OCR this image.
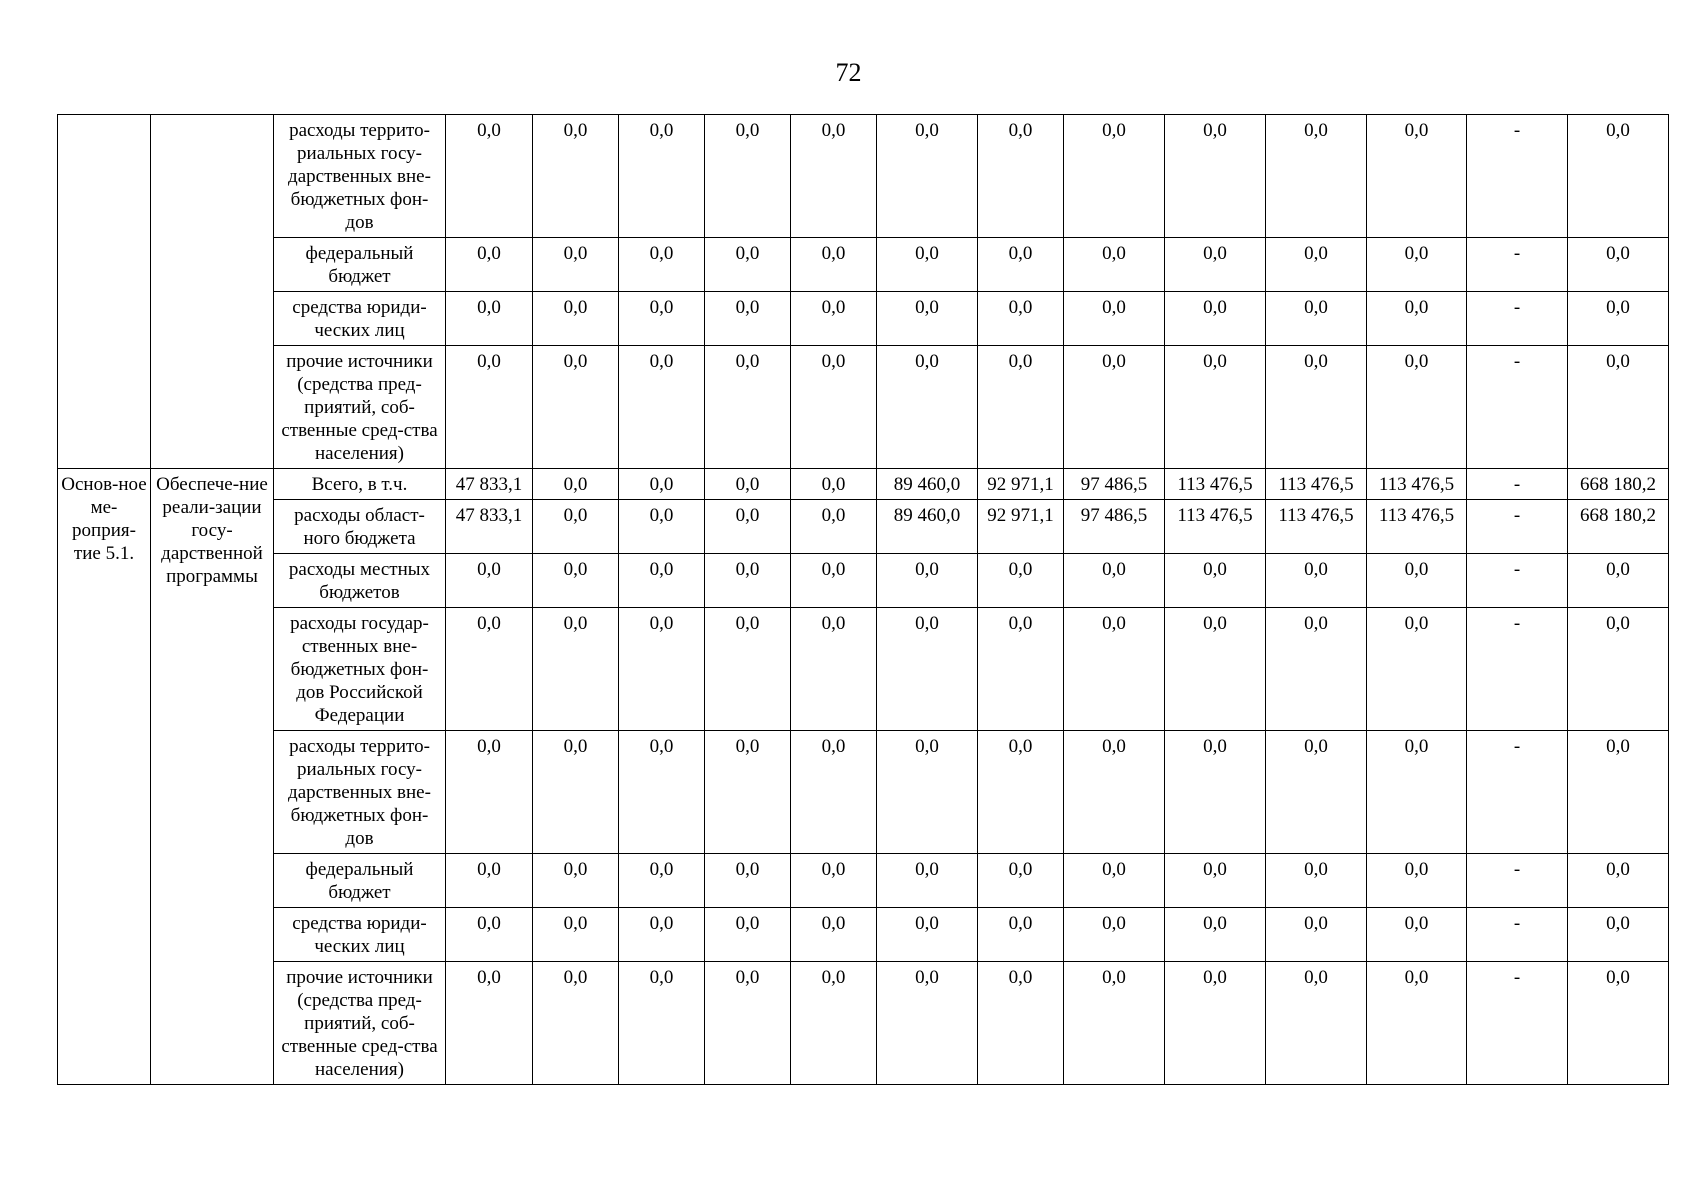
72
		расходы террито-риальных госу-дарственных вне-бюджетных фон-дов	0,0	0,0	0,0	0,0	0,0	0,0	0,0	0,0	0,0	0,0	0,0	-	0,0
		федеральный бюджет	0,0	0,0	0,0	0,0	0,0	0,0	0,0	0,0	0,0	0,0	0,0	-	0,0
		средства юриди-ческих лиц	0,0	0,0	0,0	0,0	0,0	0,0	0,0	0,0	0,0	0,0	0,0	-	0,0
		прочие источники (средства пред-приятий, соб-ственные сред-ства населения)	0,0	0,0	0,0	0,0	0,0	0,0	0,0	0,0	0,0	0,0	0,0	-	0,0
Основ-ное ме-роприя-тие 5.1.	Обеспече-ние реали-зации госу-дарственной программы	Всего, в т.ч.	47 833,1	0,0	0,0	0,0	0,0	89 460,0	92 971,1	97 486,5	113 476,5	113 476,5	113 476,5	-	668 180,2
		расходы област-ного бюджета	47 833,1	0,0	0,0	0,0	0,0	89 460,0	92 971,1	97 486,5	113 476,5	113 476,5	113 476,5	-	668 180,2
		расходы местных бюджетов	0,0	0,0	0,0	0,0	0,0	0,0	0,0	0,0	0,0	0,0	0,0	-	0,0
		расходы государ-ственных вне-бюджетных фон-дов Российской Федерации	0,0	0,0	0,0	0,0	0,0	0,0	0,0	0,0	0,0	0,0	0,0	-	0,0
		расходы террито-риальных госу-дарственных вне-бюджетных фон-дов	0,0	0,0	0,0	0,0	0,0	0,0	0,0	0,0	0,0	0,0	0,0	-	0,0
		федеральный бюджет	0,0	0,0	0,0	0,0	0,0	0,0	0,0	0,0	0,0	0,0	0,0	-	0,0
		средства юриди-ческих лиц	0,0	0,0	0,0	0,0	0,0	0,0	0,0	0,0	0,0	0,0	0,0	-	0,0
		прочие источники (средства пред-приятий, соб-ственные сред-ства населения)	0,0	0,0	0,0	0,0	0,0	0,0	0,0	0,0	0,0	0,0	0,0	-	0,0
